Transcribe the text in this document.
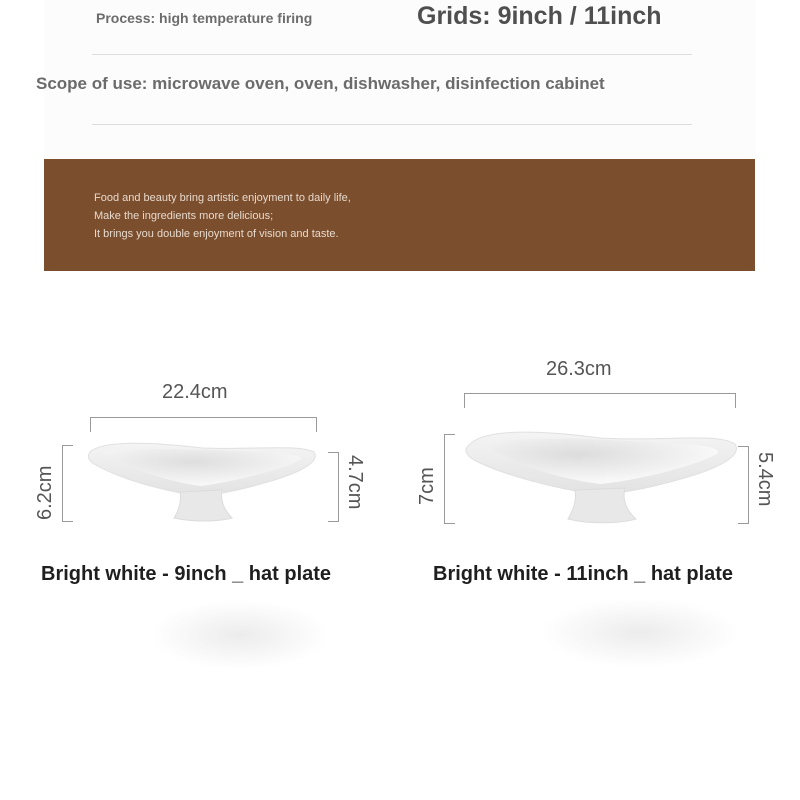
Process: high temperature firing	Grids: 9inch / 11inch
Scope of use: microwave oven, oven, dishwasher, disinfection cabinet
Food and beauty bring artistic enjoyment to daily life,
Make the ingredients more delicious;
It brings you double enjoyment of vision and taste.
22.4cm
6.2cm	4.7cm
Bright white - 9inch _ hat plate
26.3cm
7cm	5.4cm
Bright white - 11inch _ hat plate
